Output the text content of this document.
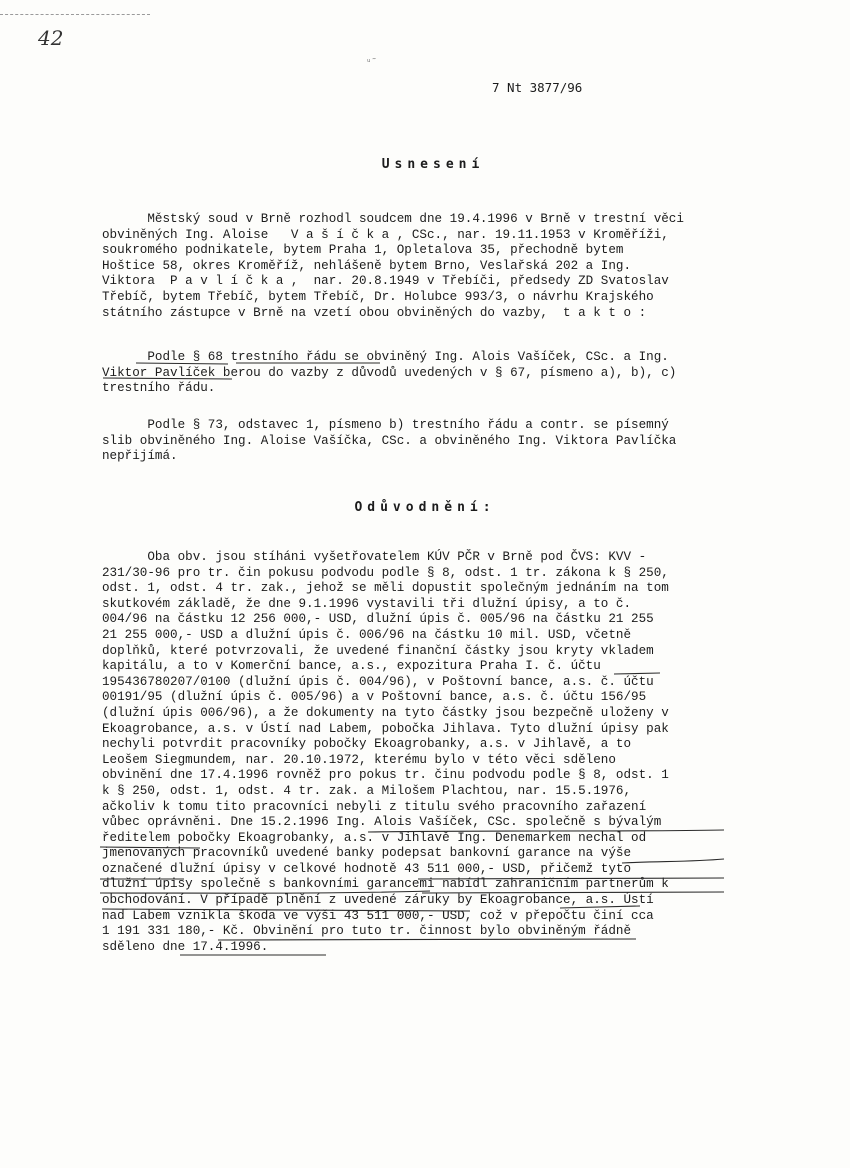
42
ᵘ̃
7 Nt 3877/96
Usnesení
Městský soud v Brně rozhodl soudcem dne 19.4.1996 v Brně v trestní věci
obviněných Ing. Aloise   V a š í č k a , CSc., nar. 19.11.1953 v Kroměříži,
soukromého podnikatele, bytem Praha 1, Opletalova 35, přechodně bytem
Hoštice 58, okres Kroměříž, nehlášeně bytem Brno, Veslařská 202 a Ing.
Viktora  P a v l í č k a ,  nar. 20.8.1949 v Třebíči, předsedy ZD Svatoslav
Třebíč, bytem Třebíč, bytem Třebíč, Dr. Holubce 993/3, o návrhu Krajského
státního zástupce v Brně na vzetí obou obviněných do vazby,  t a k t o :
Podle § 68 trestního řádu se obviněný Ing. Alois Vašíček, CSc. a Ing.
Viktor Pavlíček berou do vazby z důvodů uvedených v § 67, písmeno a), b), c)
trestního řádu.
Podle § 73, odstavec 1, písmeno b) trestního řádu a contr. se písemný
slib obviněného Ing. Aloise Vašíčka, CSc. a obviněného Ing. Viktora Pavlíčka
nepřijímá.
Odůvodnění:
Oba obv. jsou stíháni vyšetřovatelem KÚV PČR v Brně pod ČVS: KVV -
231/30-96 pro tr. čin pokusu podvodu podle § 8, odst. 1 tr. zákona k § 250,
odst. 1, odst. 4 tr. zak., jehož se měli dopustit společným jednáním na tom
skutkovém základě, že dne 9.1.1996 vystavili tři dlužní úpisy, a to č.
004/96 na částku 12 256 000,- USD, dlužní úpis č. 005/96 na částku 21 255
21 255 000,- USD a dlužní úpis č. 006/96 na částku 10 mil. USD, včetně
doplňků, které potvrzovali, že uvedené finanční částky jsou kryty vkladem
kapitálu, a to v Komerční bance, a.s., expozitura Praha I. č. účtu
195436780207/0100 (dlužní úpis č. 004/96), v Poštovní bance, a.s. č. účtu
00191/95 (dlužní úpis č. 005/96) a v Poštovní bance, a.s. č. účtu 156/95
(dlužní úpis 006/96), a že dokumenty na tyto částky jsou bezpečně uloženy v
Ekoagrobance, a.s. v Ústí nad Labem, pobočka Jihlava. Tyto dlužní úpisy pak
nechyli potvrdit pracovníky pobočky Ekoagrobanky, a.s. v Jihlavě, a to
Leošem Siegmundem, nar. 20.10.1972, kterému bylo v této věci sděleno
obvinění dne 17.4.1996 rovněž pro pokus tr. činu podvodu podle § 8, odst. 1
k § 250, odst. 1, odst. 4 tr. zak. a Milošem Plachtou, nar. 15.5.1976,
ačkoliv k tomu tito pracovníci nebyli z titulu svého pracovního zařazení
vůbec oprávněni. Dne 15.2.1996 Ing. Alois Vašíček, CSc. společně s bývalým
ředitelem pobočky Ekoagrobanky, a.s. v Jihlavě Ing. Denemarkem nechal od
jmenovaných pracovníků uvedené banky podepsat bankovní garance na výše
označené dlužní úpisy v celkové hodnotě 43 511 000,- USD, přičemž tyto
dlužní úpisy společně s bankovními garancemi nabídl zahraničním partnerům k
obchodování. V případě plnění z uvedené záruky by Ekoagrobance, a.s. Ústí
nad Labem vznikla škoda ve výši 43 511 000,- USD, což v přepočtu činí cca
1 191 331 180,- Kč. Obvinění pro tuto tr. činnost bylo obviněným řádně
sděleno dne 17.4.1996.
